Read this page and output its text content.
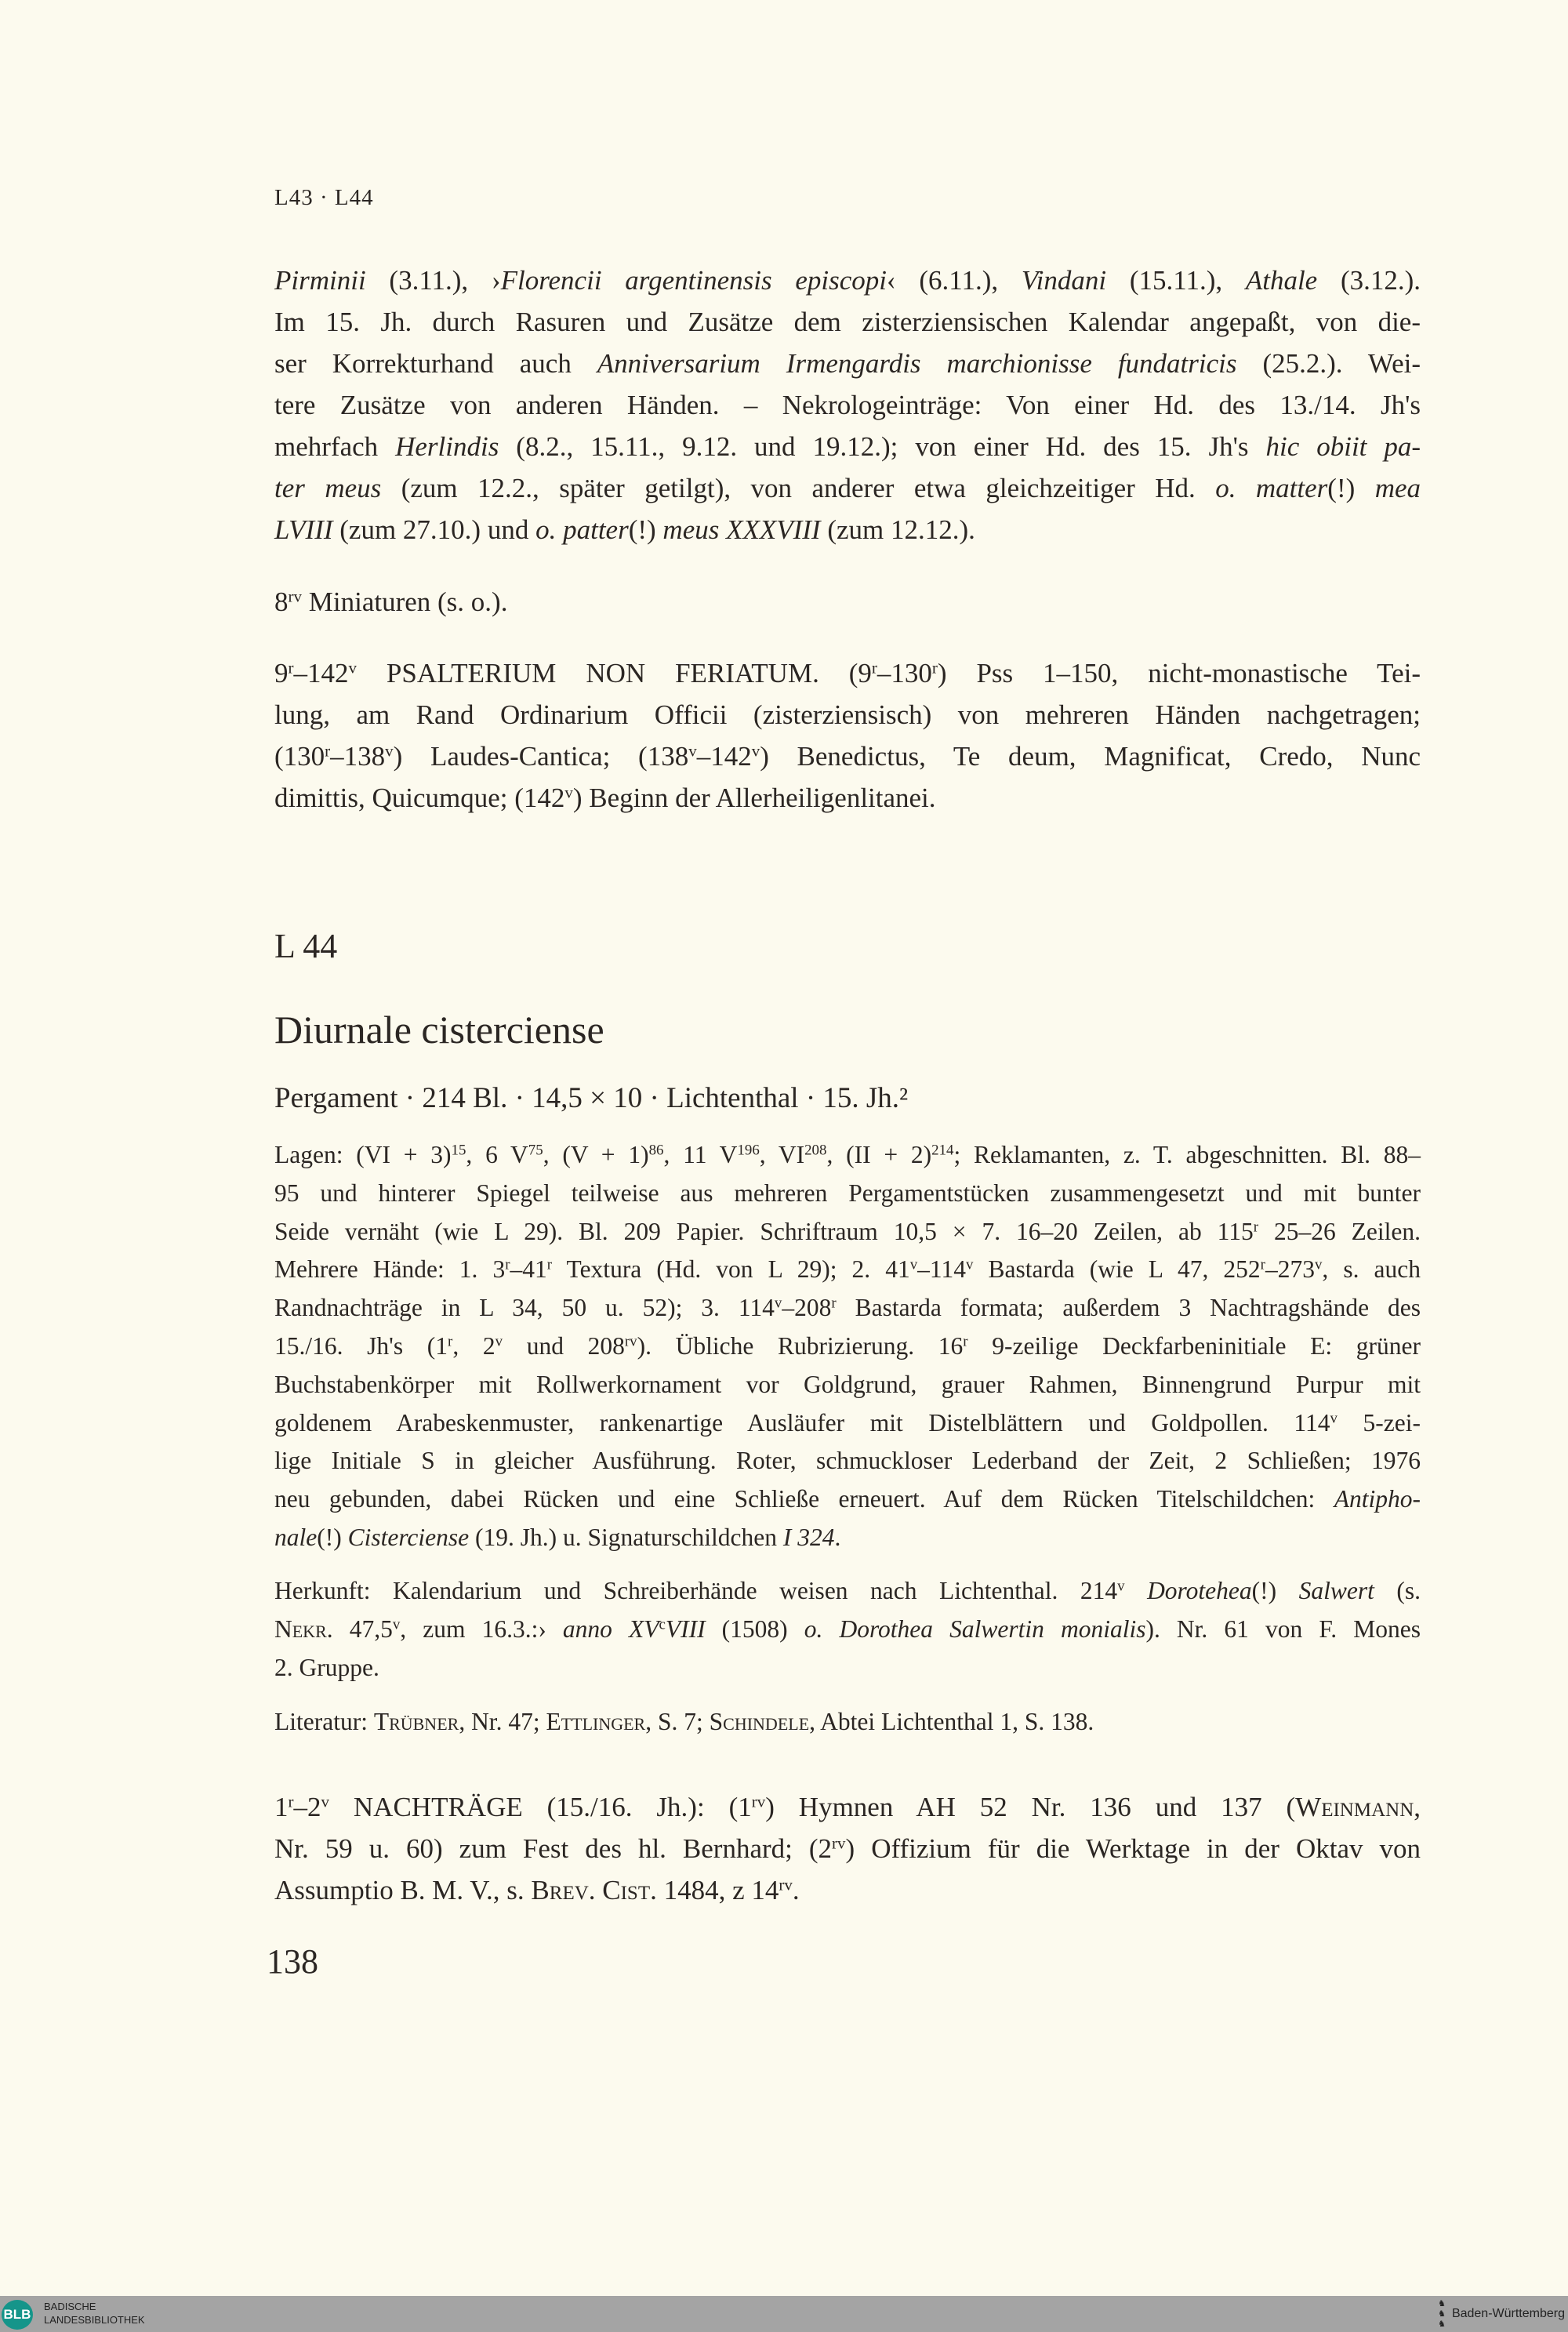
L43 · L44
Pirminii (3.11.), ›Florencii argentinensis episcopi‹ (6.11.), Vindani (15.11.), Athale (3.12.).
Im 15. Jh. durch Rasuren und Zusätze dem zisterziensischen Kalendar angepaßt, von die-
ser Korrekturhand auch Anniversarium Irmengardis marchionisse fundatricis (25.2.). Wei-
tere Zusätze von anderen Händen. – Nekrologeinträge: Von einer Hd. des 13./14. Jh's
mehrfach Herlindis (8.2., 15.11., 9.12. und 19.12.); von einer Hd. des 15. Jh's hic obiit pa-
ter meus (zum 12.2., später getilgt), von anderer etwa gleichzeitiger Hd. o. matter(!) mea
LVIII (zum 27.10.) und o. patter(!) meus XXXVIII (zum 12.12.).
$8^{rv}$ Miniaturen (s. o.).
9$^r$–142$^v$ PSALTERIUM NON FERIATUM. (9$^r$–130$^r$) Pss 1–150, nicht-monastische Tei-
lung, am Rand Ordinarium Officii (zisterziensisch) von mehreren Händen nachgetragen;
(130$^r$–138$^v$) Laudes-Cantica; (138$^v$–142$^v$) Benedictus, Te deum, Magnificat, Credo, Nunc
dimittis, Quicumque; (142$^v$) Beginn der Allerheiligenlitanei.
L 44
Diurnale cisterciense
Pergament · 214 Bl. · 14,5 × 10 · Lichtenthal · 15. Jh.²
Lagen: (VI + 3)$^{15}$, 6 $V^{75}$, $(V + 1)^{86}$, 11 $V^{196}$, VI$^{208}$, (II + 2)$^{214}$; Reklamanten, z. T. abgeschnitten. Bl. 88–
95 und hinterer Spiegel teilweise aus mehreren Pergamentstücken zusammengesetzt und mit bunter
Seide vernäht (wie L 29). Bl. 209 Papier. Schriftraum 10,5 × 7. 16–20 Zeilen, ab 115$^r$ 25–26 Zeilen.
Mehrere Hände: 1. 3$^r$–41$^r$ Textura (Hd. von L 29); 2. 41$^v$–114$^v$ Bastarda (wie L 47, 252$^r$–273$^v$, s. auch
Randnachträge in L 34, 50 u. 52); 3. 114$^v$–208$^r$ Bastarda formata; außerdem 3 Nachtragshände des
15./16. Jh's (1$^r$, 2$^v$ und $208^{rv}$). Übliche Rubrizierung. 16$^r$ 9-zeilige Deckfarbeninitiale E: grüner
Buchstabenkörper mit Rollwerkornament vor Goldgrund, grauer Rahmen, Binnengrund Purpur mit
goldenem Arabeskenmuster, rankenartige Ausläufer mit Distelblättern und Goldpollen. 114$^v$ 5-zei-
lige Initiale S in gleicher Ausführung. Roter, schmuckloser Lederband der Zeit, 2 Schließen; 1976
neu gebunden, dabei Rücken und eine Schließe erneuert. Auf dem Rücken Titelschildchen: Antipho-
nale(!) Cistercienѕe (19. Jh.) u. Signaturschildchen I 324.
Herkunft: Kalendarium und Schreiberhände weisen nach Lichtenthal. 214$^v$ Dorotehea(!) Salwert (s.
Nekr. 47,5$^v$, zum 16.3.:› anno $XV^cVIII$ (1508) o. Dorothea Salwertin monialis). Nr. 61 von F. Mones
2. Gruppe.
Literatur: Trübner, Nr. 47; Ettlinger, S. 7; Schindele, Abtei Lichtenthal 1, S. 138.
1$^r$–2$^v$ NACHTRÄGE (15./16. Jh.): $(1^{rv})$ Hymnen AH 52 Nr. 136 und 137 (Weinmann,
Nr. 59 u. 60) zum Fest des hl. Bernhard; $(2^{rv})$ Offizium für die Werktage in der Oktav von
Assumptio B. M. V., s. Brev. Cist. 1484, z $14^{rv}$.
138
BLB
BADISCHE
LANDESBIBLIOTHEK
♞
♞
♞
Baden-Württemberg
